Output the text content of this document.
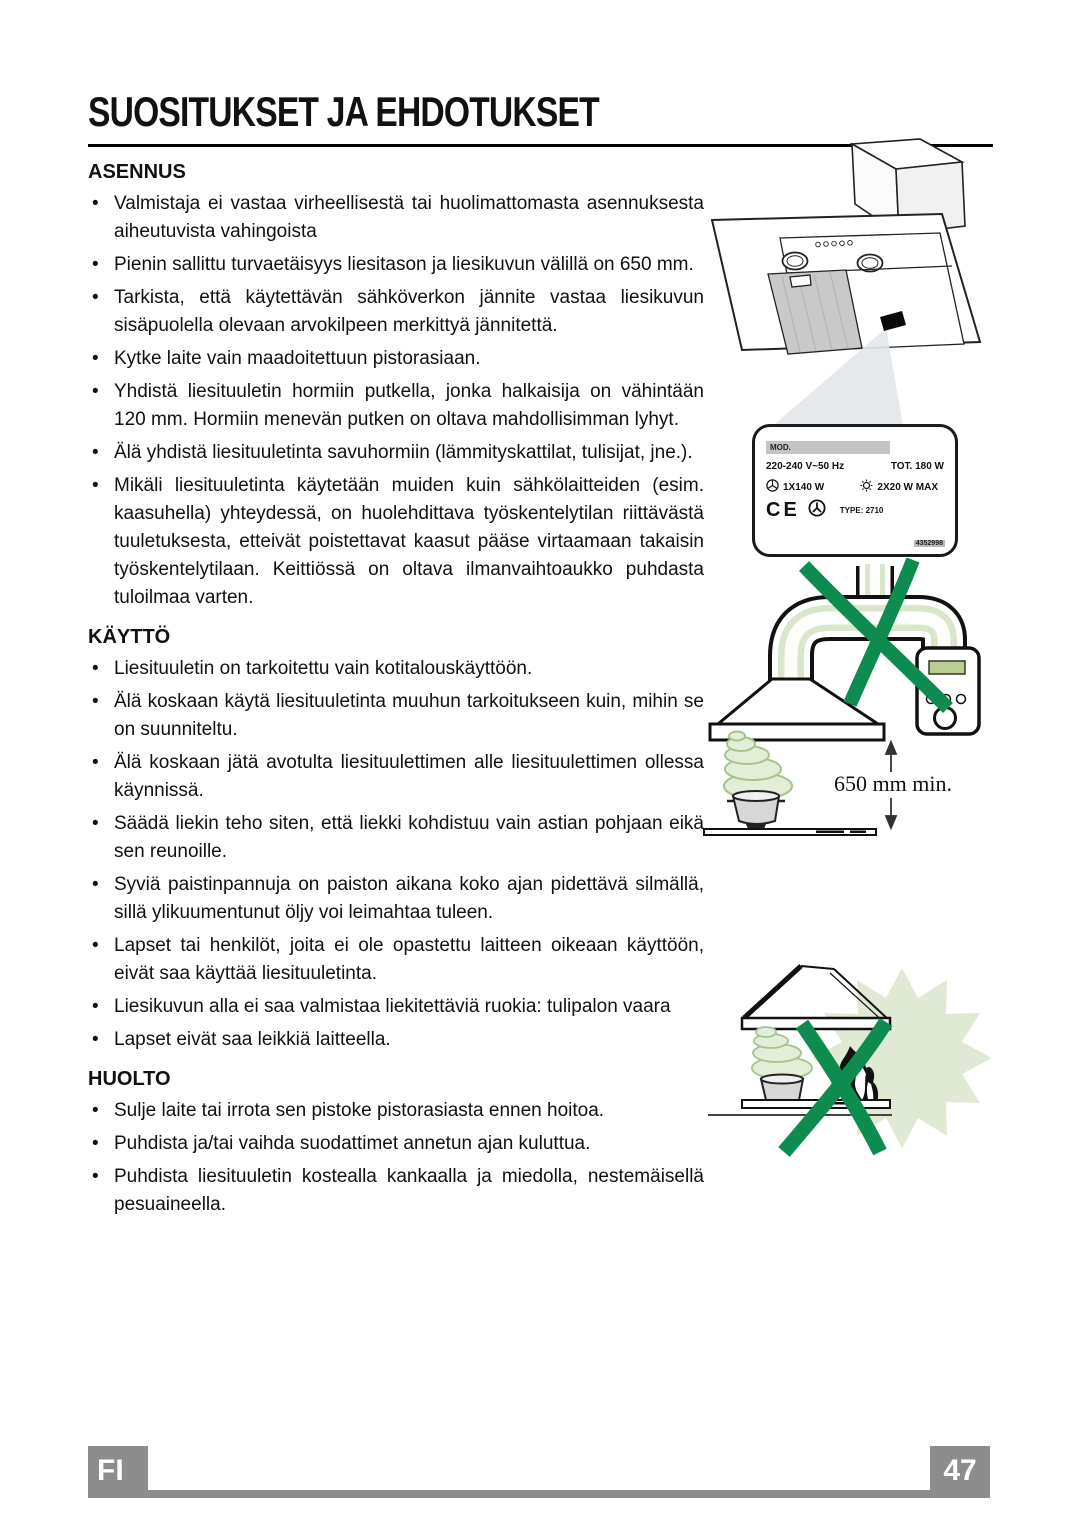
SUOSITUKSET JA EHDOTUKSET
ASENNUS
• Valmistaja ei vastaa virheellisestä tai huolimattomasta asennuksesta aiheutuvista vahingoista
• Pienin sallittu turvaetäisyys liesitason ja liesikuvun välillä on 650 mm.
• Tarkista, että käytettävän sähköverkon jännite vastaa liesikuvun sisäpuolella olevaan arvokilpeen merkittyä jännitettä.
• Kytke laite vain maadoitettuun pistorasiaan.
• Yhdistä liesituuletin hormiin putkella, jonka halkaisija on vähintään 120 mm. Hormiin menevän putken on oltava mahdollisimman lyhyt.
• Älä yhdistä liesituuletinta savuhormiin (lämmityskattilat, tulisijat, jne.).
• Mikäli liesituuletinta käytetään muiden kuin sähkölaitteiden (esim. kaasuhella) yhteydessä, on huolehdittava työskentelytilan riittävästä tuuletuksesta, etteivät poistettavat kaasut pääse virtaamaan takaisin työskentelytilaan. Keittiössä on oltava ilmanvaihtoaukko puhdasta tuloilmaa varten.
KÄYTTÖ
• Liesituuletin on tarkoitettu vain kotitalouskäyttöön.
• Älä koskaan käytä liesituuletinta muuhun tarkoitukseen kuin, mihin se on suunniteltu.
• Älä koskaan jätä avotulta liesituulettimen alle liesituulettimen ollessa käynnissä.
• Säädä liekin teho siten, että liekki kohdistuu vain astian pohjaan eikä sen reunoille.
• Syviä paistinpannuja on paiston aikana koko ajan pidettävä silmällä, sillä ylikuumentunut öljy voi leimahtaa tuleen.
• Lapset tai henkilöt, joita ei ole opastettu laitteen oikeaan käyttöön, eivät saa käyttää liesituuletinta.
• Liesikuvun alla ei saa valmistaa liekitettäviä ruokia: tulipalon vaara
• Lapset eivät saa leikkiä laitteella.
HUOLTO
• Sulje laite tai irrota sen pistoke pistorasiasta ennen hoitoa.
• Puhdista ja/tai vaihda suodattimet annetun ajan kuluttua.
• Puhdista liesituuletin kostealla kankaalla ja miedolla, nestemäisellä pesuaineella.
MOD.
220-240 V~50 Hz	TOT. 180 W
1X140 W	2X20 W MAX
CE	TYPE: 2710
4352998
650 mm min.
FI	47
